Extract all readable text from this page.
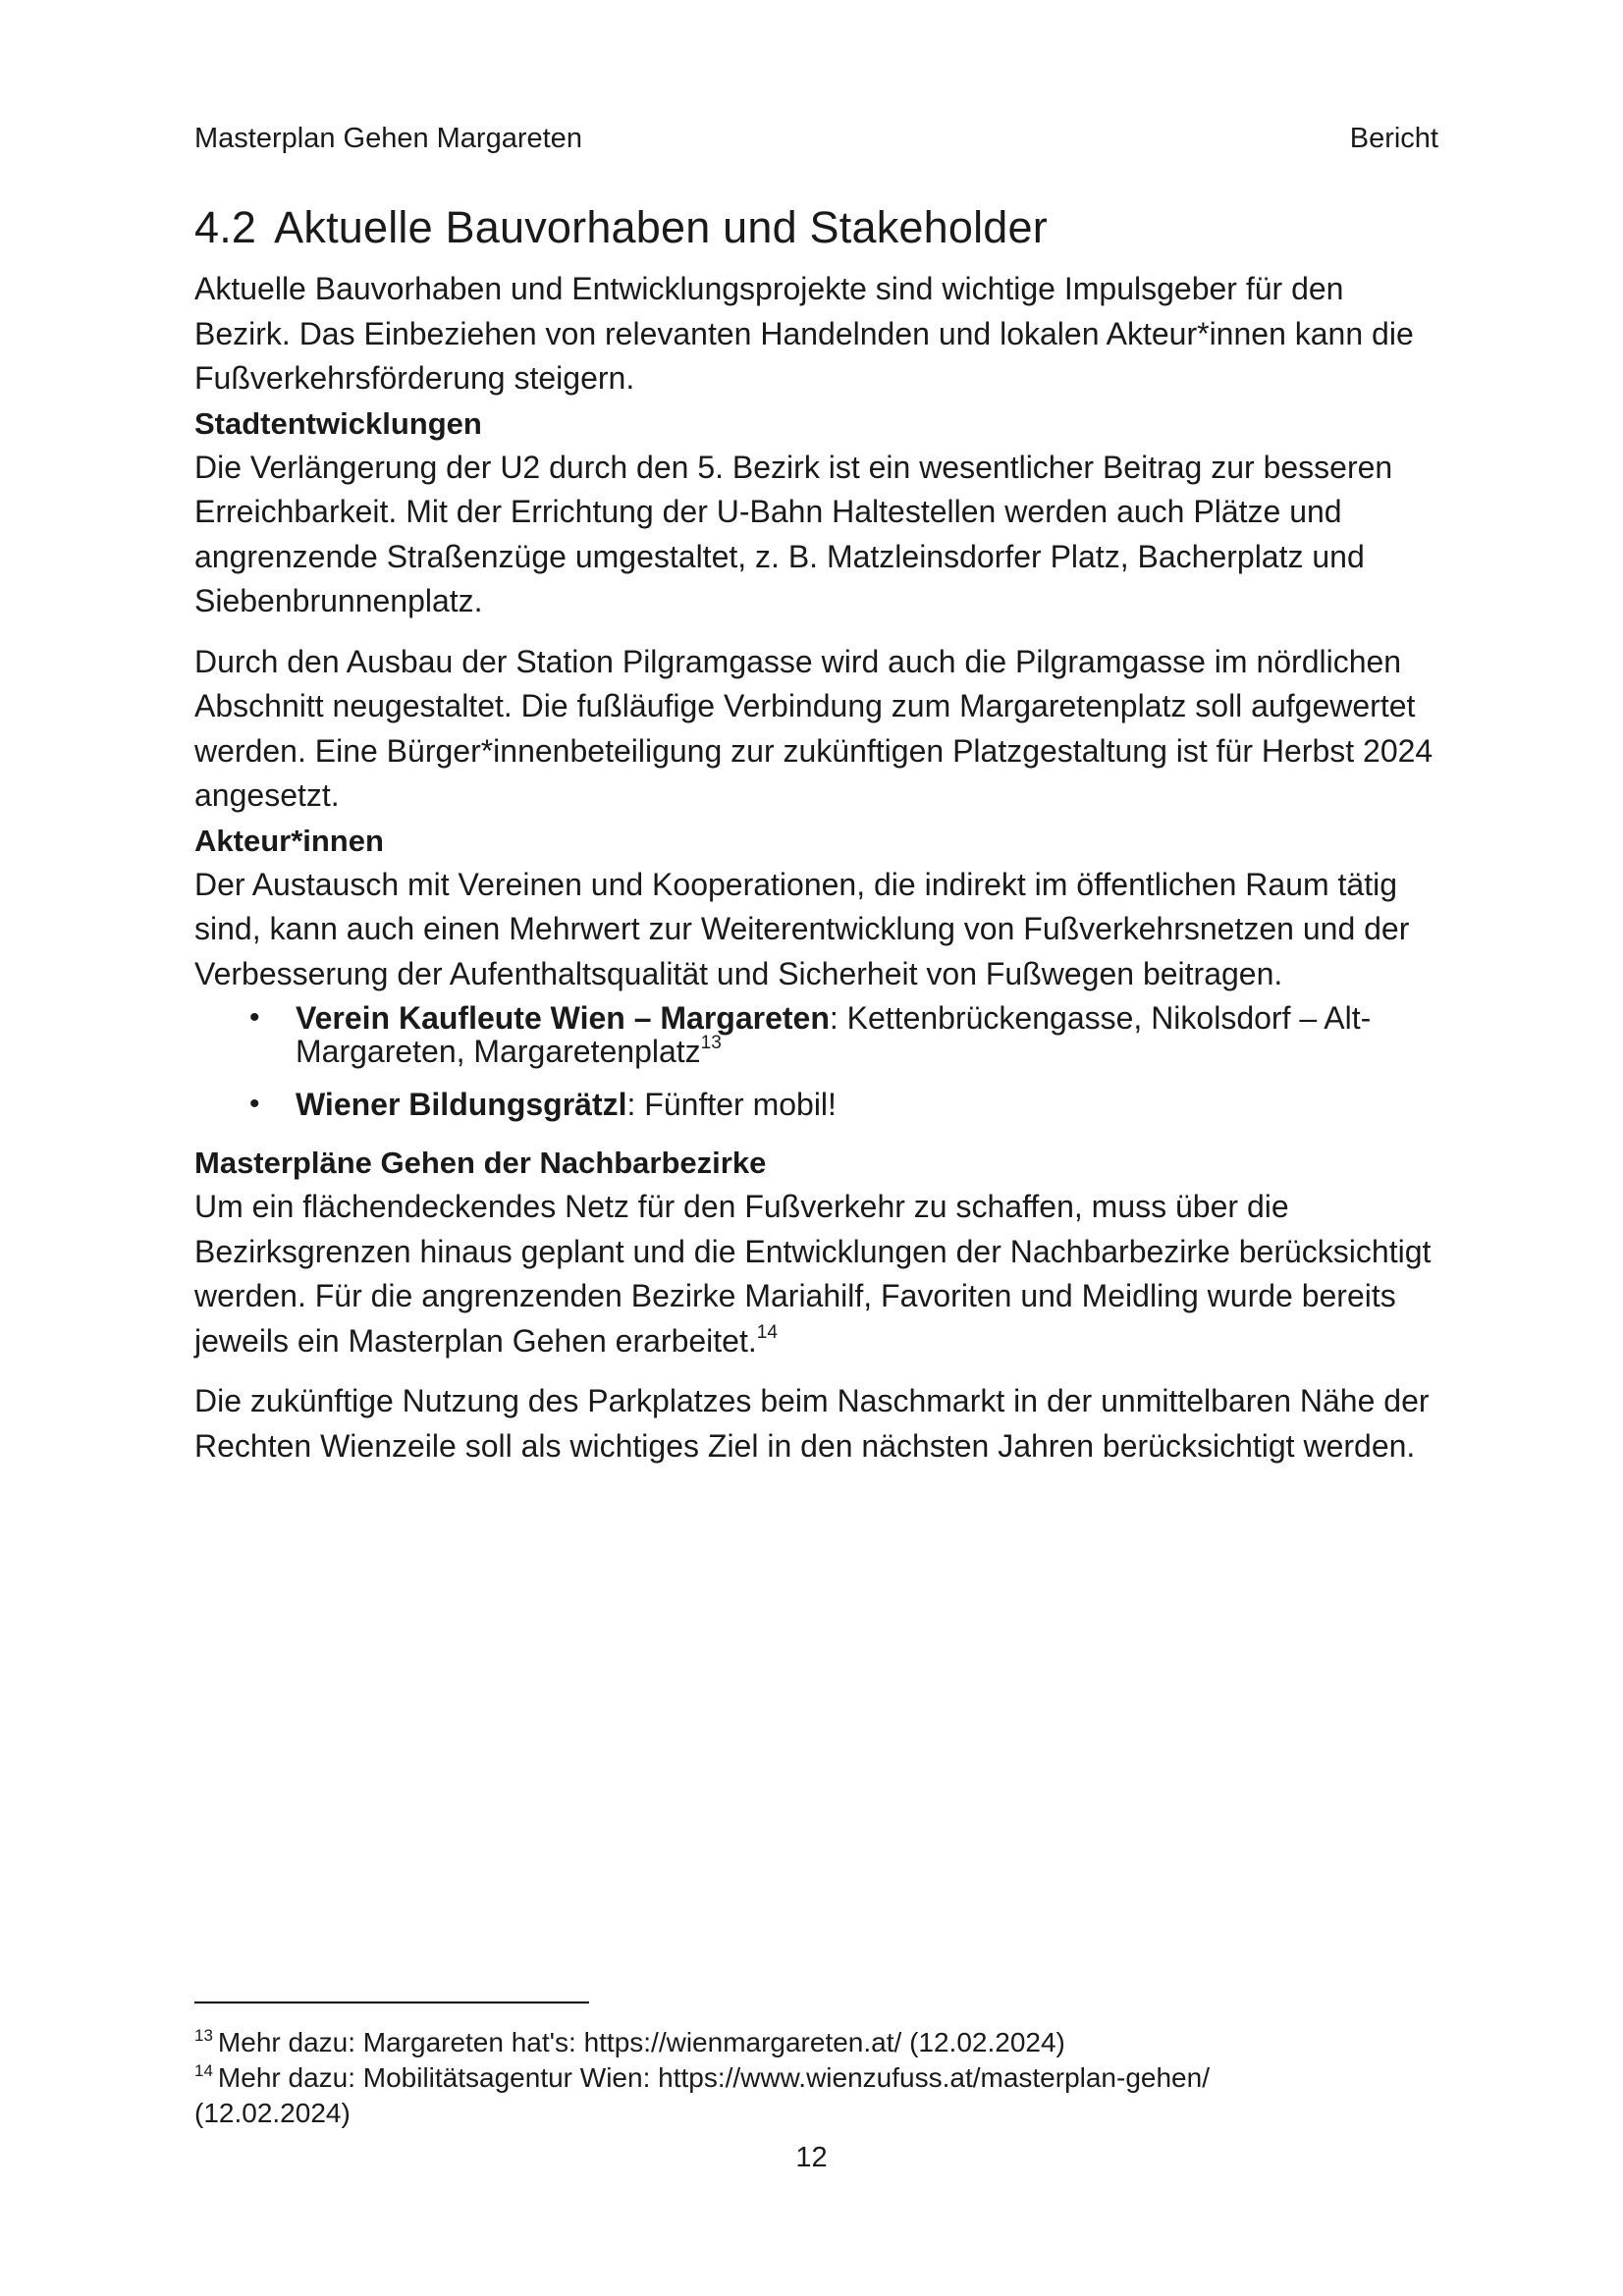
Masterplan Gehen Margareten	Bericht
4.2 Aktuelle Bauvorhaben und Stakeholder

Aktuelle Bauvorhaben und Entwicklungsprojekte sind wichtige Impulsgeber für den Bezirk. Das Einbeziehen von relevanten Handelnden und lokalen Akteur*innen kann die Fußverkehrsförderung steigern.

Stadtentwicklungen

Die Verlängerung der U2 durch den 5. Bezirk ist ein wesentlicher Beitrag zur besseren Erreichbarkeit. Mit der Errichtung der U-Bahn Haltestellen werden auch Plätze und angrenzende Straßenzüge umgestaltet, z. B. Matzleinsdorfer Platz, Bacherplatz und Siebenbrunnenplatz.

Durch den Ausbau der Station Pilgramgasse wird auch die Pilgramgasse im nördlichen Abschnitt neugestaltet. Die fußläufige Verbindung zum Margaretenplatz soll aufgewertet werden. Eine Bürger*innenbeteiligung zur zukünftigen Platzgestaltung ist für Herbst 2024 angesetzt.

Akteur*innen

Der Austausch mit Vereinen und Kooperationen, die indirekt im öffentlichen Raum tätig sind, kann auch einen Mehrwert zur Weiterentwicklung von Fußverkehrsnetzen und der Verbesserung der Aufenthaltsqualität und Sicherheit von Fußwegen beitragen.

• Verein Kaufleute Wien – Margareten: Kettenbrückengasse, Nikolsdorf – Alt-Margareten, Margaretenplatz$^{13}$
• Wiener Bildungsgrätzl: Fünfter mobil!
Masterpläne Gehen der Nachbarbezirke

Um ein flächendeckendes Netz für den Fußverkehr zu schaffen, muss über die Bezirksgrenzen hinaus geplant und die Entwicklungen der Nachbarbezirke berücksichtigt werden. Für die angrenzenden Bezirke Mariahilf, Favoriten und Meidling wurde bereits jeweils ein Masterplan Gehen erarbeitet.$^{14}$

Die zukünftige Nutzung des Parkplatzes beim Naschmarkt in der unmittelbaren Nähe der Rechten Wienzeile soll als wichtiges Ziel in den nächsten Jahren berücksichtigt werden.

$^{13}$ Mehr dazu: Margareten hat's: https://wienmargareten.at/ (12.02.2024)

$^{14}$ Mehr dazu: Mobilitätsagentur Wien: https://www.wienzufuss.at/masterplan-gehen/
(12.02.2024)

12
